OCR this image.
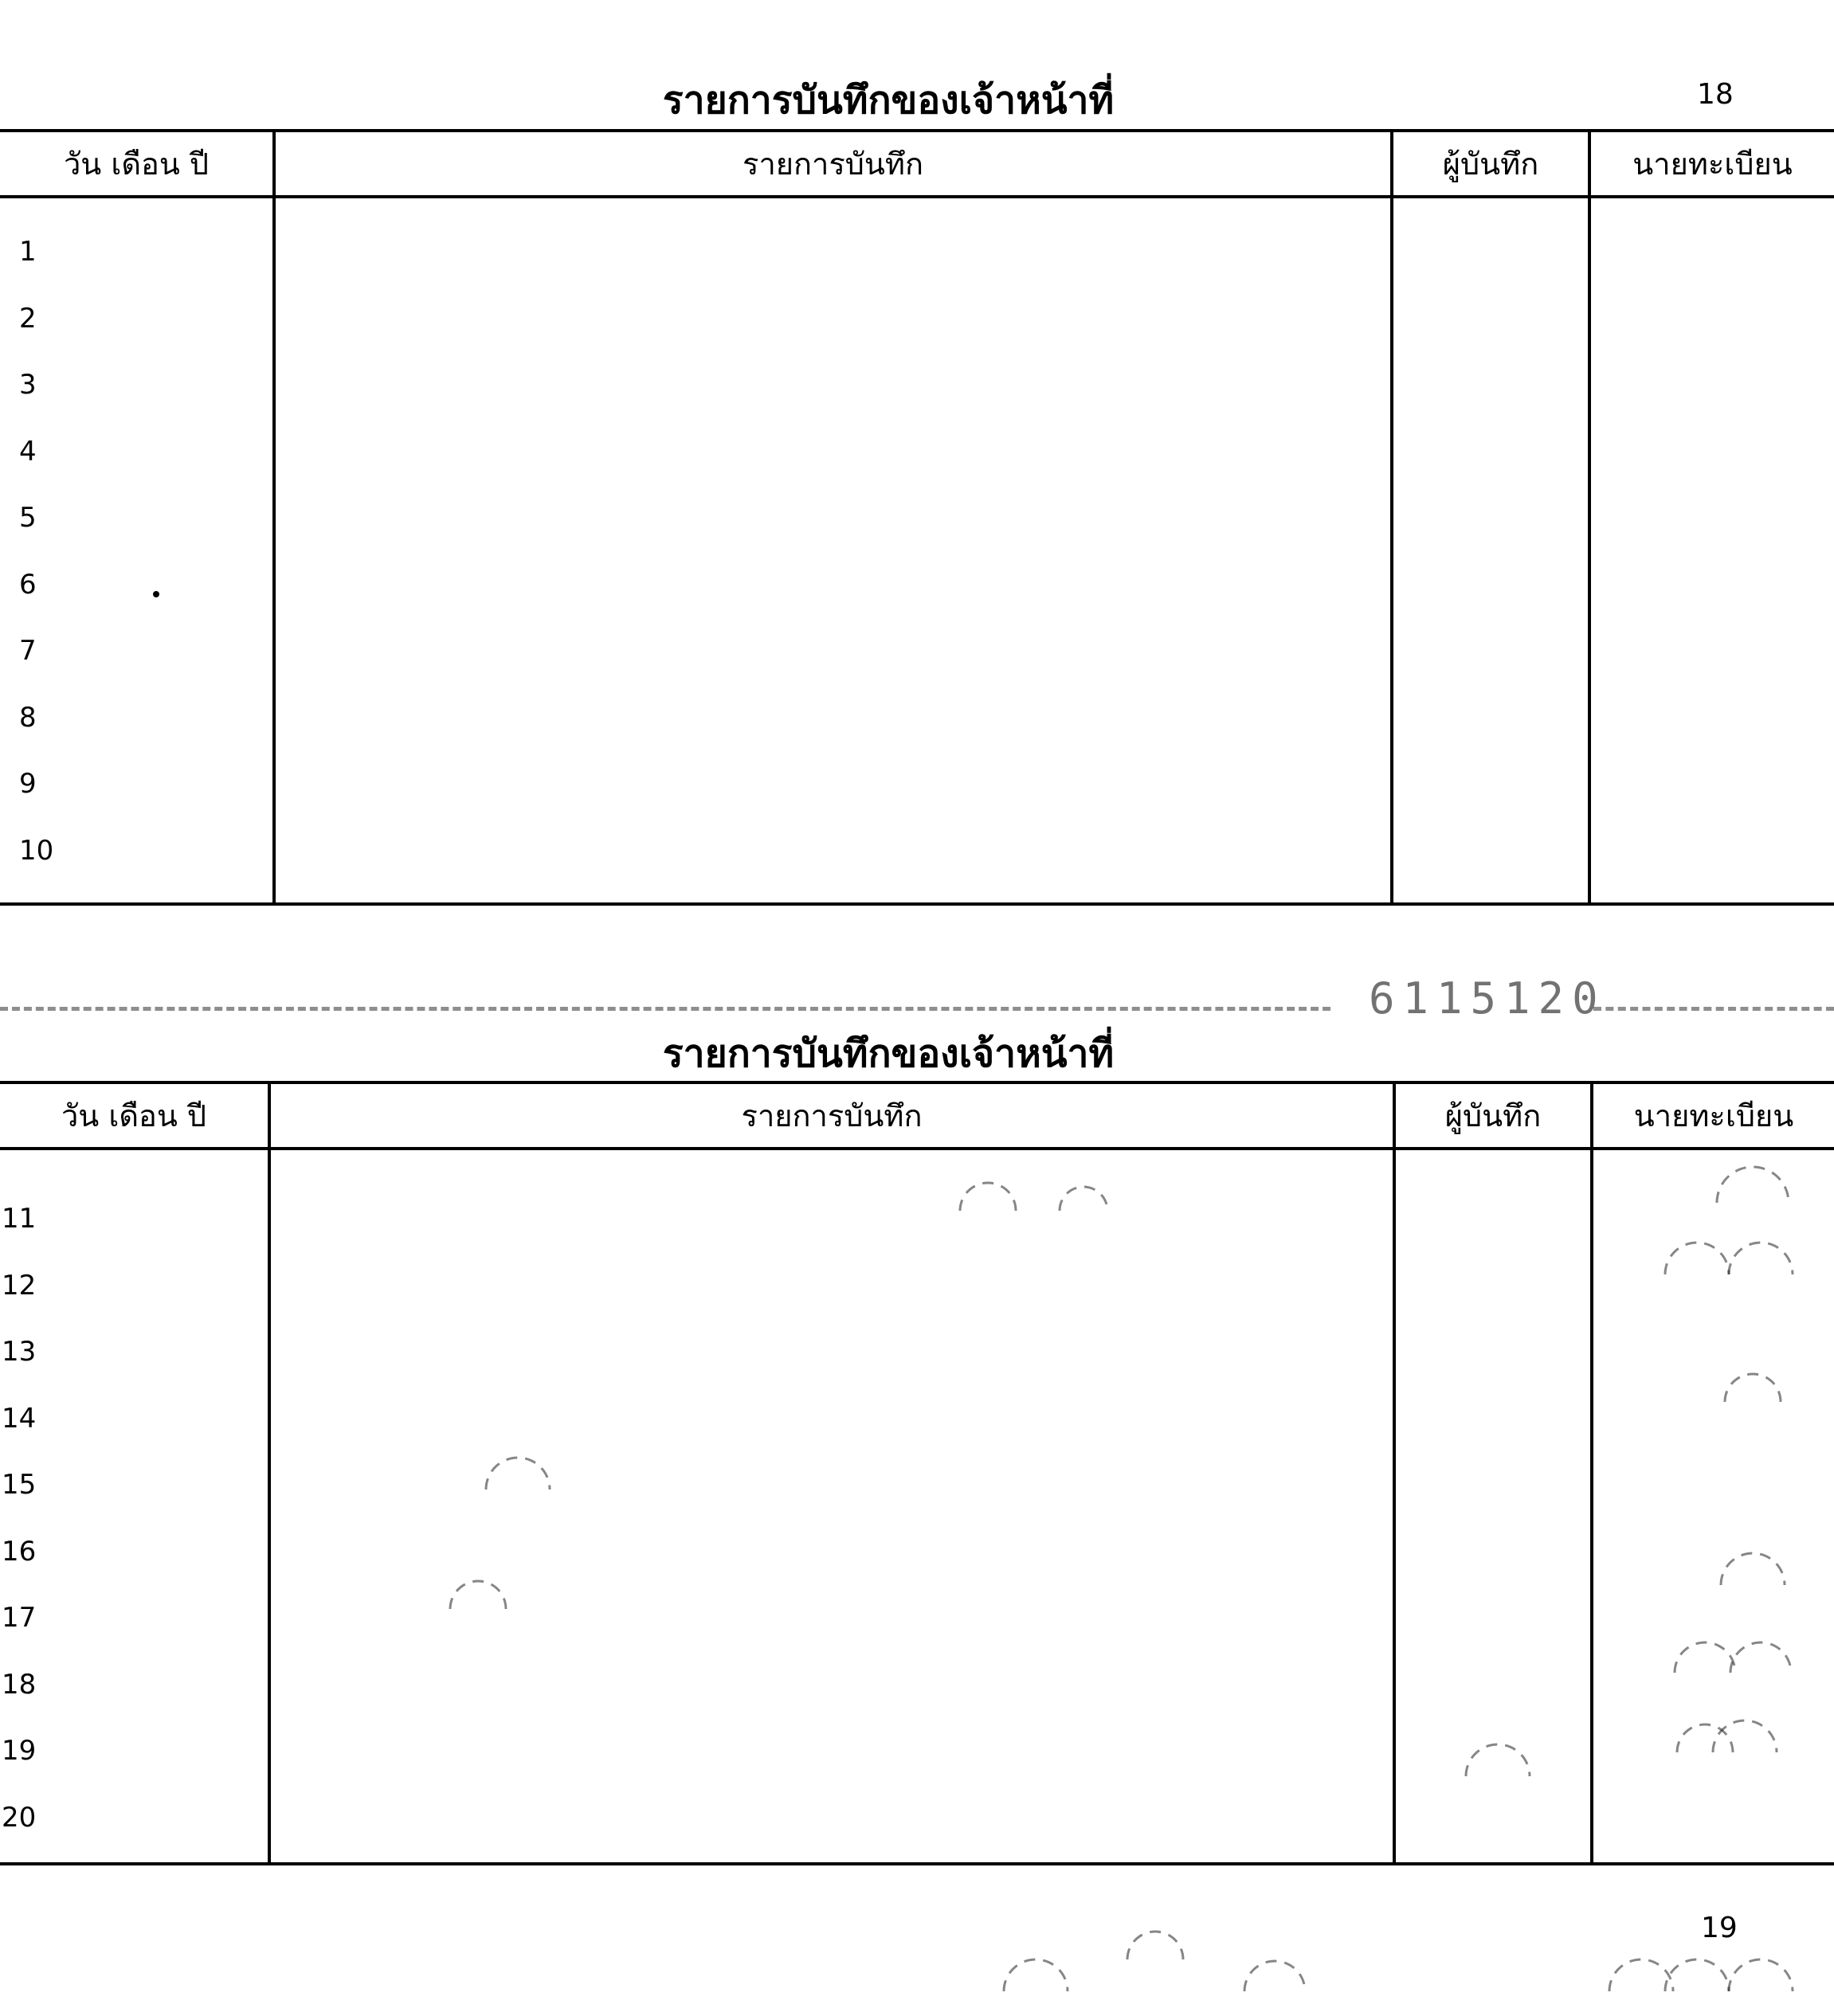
รายการบันทึกของเจ้าหน้าที่	18
วัน เดือน ปี	รายการบันทึก	ผู้บันทึก	นายทะเบียน
1
2
3
4
5
6
7
8
9
10
6115120
รายการบันทึกของเจ้าหน้าที่
วัน เดือน ปี	รายการบันทึก	ผู้บันทึก	นายทะเบียน
11
12
13
14
15
16
17
18
19
20
19
